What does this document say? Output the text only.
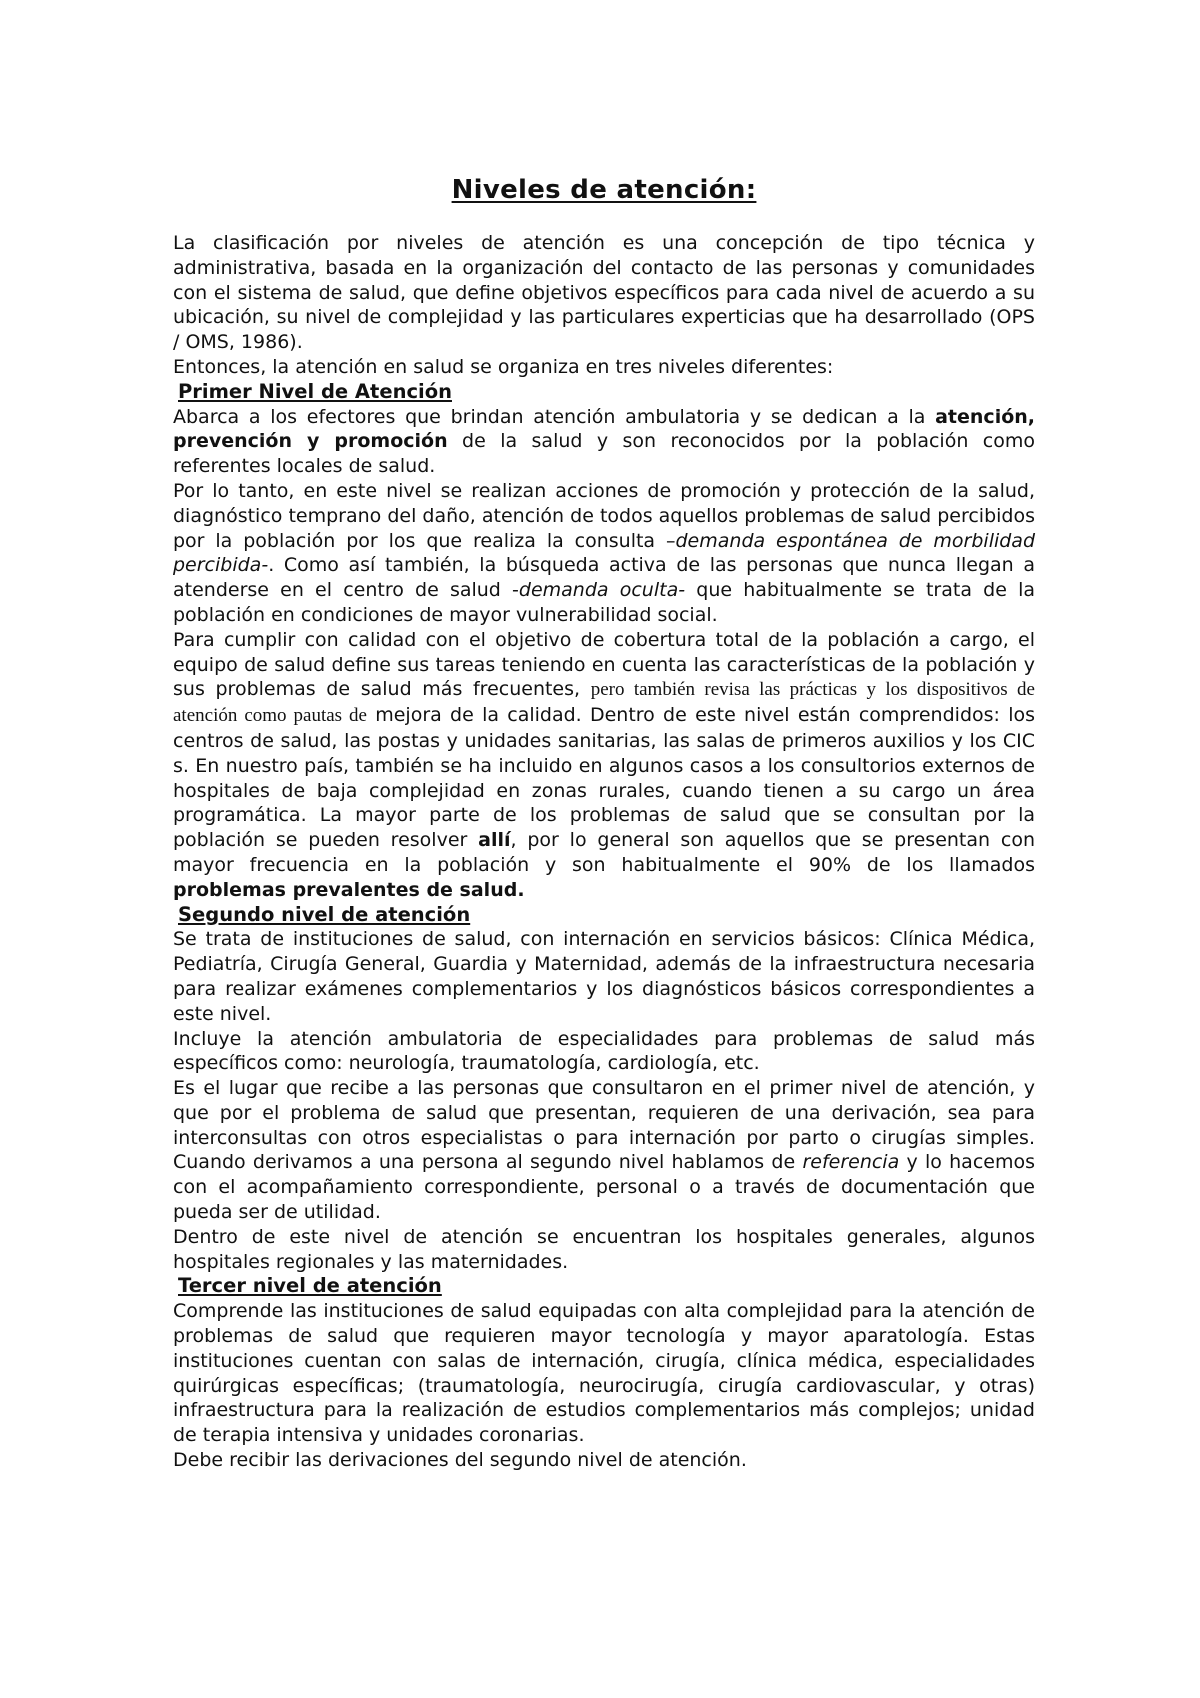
Niveles de atención:

La clasificación por niveles de atención es una concepción de tipo técnica y administrativa, basada en la organización del contacto de las personas y comunidades con el sistema de salud, que define objetivos específicos para cada nivel de acuerdo a su ubicación, su nivel de complejidad y las particulares experticias que ha desarrollado (OPS / OMS, 1986).

Entonces, la atención en salud se organiza en tres niveles diferentes:

Primer Nivel de Atención

Abarca a los efectores que brindan atención ambulatoria y se dedican a la atención, prevención y promoción de la salud y son reconocidos por la población como referentes locales de salud.

Por lo tanto, en este nivel se realizan acciones de promoción y protección de la salud, diagnóstico temprano del daño, atención de todos aquellos problemas de salud percibidos por la población por los que realiza la consulta –demanda espontánea de morbilidad percibida-. Como así también, la búsqueda activa de las personas que nunca llegan a atenderse en el centro de salud -demanda oculta- que habitualmente se trata de la población en condiciones de mayor vulnerabilidad social.

Para cumplir con calidad con el objetivo de cobertura total de la población a cargo, el equipo de salud define sus tareas teniendo en cuenta las características de la población y sus problemas de salud más frecuentes, pero también revisa las prácticas y los dispositivos de atención como pautas de mejora de la calidad. Dentro de este nivel están comprendidos: los centros de salud, las postas y unidades sanitarias, las salas de primeros auxilios y los CIC s. En nuestro país, también se ha incluido en algunos casos a los consultorios externos de hospitales de baja complejidad en zonas rurales, cuando tienen a su cargo un área programática. La mayor parte de los problemas de salud que se consultan por la población se pueden resolver allí, por lo general son aquellos que se presentan con mayor frecuencia en la población y son habitualmente el 90% de los llamados problemas prevalentes de salud.

Segundo nivel de atención

Se trata de instituciones de salud, con internación en servicios básicos: Clínica Médica, Pediatría, Cirugía General, Guardia y Maternidad, además de la infraestructura necesaria para realizar exámenes complementarios y los diagnósticos básicos correspondientes a este nivel.

Incluye la atención ambulatoria de especialidades para problemas de salud más específicos como: neurología, traumatología, cardiología, etc.

Es el lugar que recibe a las personas que consultaron en el primer nivel de atención, y que por el problema de salud que presentan, requieren de una derivación, sea para interconsultas con otros especialistas o para internación por parto o cirugías simples. Cuando derivamos a una persona al segundo nivel hablamos de referencia y lo hacemos con el acompañamiento correspondiente, personal o a través de documentación que pueda ser de utilidad.

Dentro de este nivel de atención se encuentran los hospitales generales, algunos hospitales regionales y las maternidades.

Tercer nivel de atención

Comprende las instituciones de salud equipadas con alta complejidad para la atención de problemas de salud que requieren mayor tecnología y mayor aparatología. Estas instituciones cuentan con salas de internación, cirugía, clínica médica, especialidades quirúrgicas específicas; (traumatología, neurocirugía, cirugía cardiovascular, y otras) infraestructura para la realización de estudios complementarios más complejos; unidad de terapia intensiva y unidades coronarias.

Debe recibir las derivaciones del segundo nivel de atención.
